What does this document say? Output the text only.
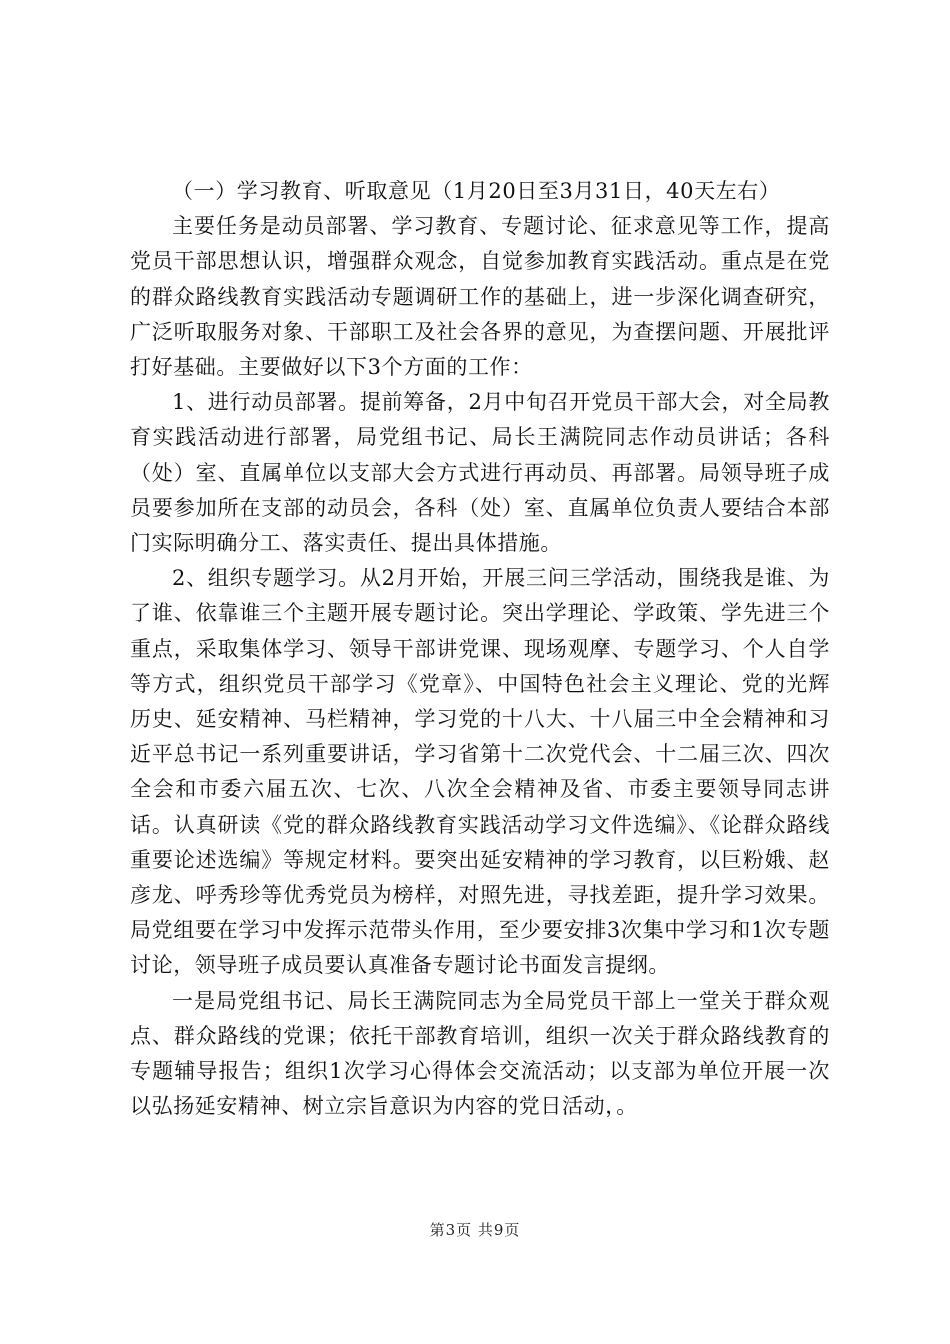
（一）学习教育、听取意见（1月20日至3月31日，40天左右）

主要任务是动员部署、学习教育、专题讨论、征求意见等工作，提高党员干部思想认识，增强群众观念，自觉参加教育实践活动。重点是在党的群众路线教育实践活动专题调研工作的基础上，进一步深化调查研究，广泛听取服务对象、干部职工及社会各界的意见，为查摆问题、开展批评打好基础。主要做好以下3个方面的工作：

1、进行动员部署。提前筹备，2月中旬召开党员干部大会，对全局教育实践活动进行部署，局党组书记、局长王满院同志作动员讲话；各科（处）室、直属单位以支部大会方式进行再动员、再部署。局领导班子成员要参加所在支部的动员会，各科（处）室、直属单位负责人要结合本部门实际明确分工、落实责任、提出具体措施。

2、组织专题学习。从2月开始，开展三问三学活动，围绕我是谁、为了谁、依靠谁三个主题开展专题讨论。突出学理论、学政策、学先进三个重点，采取集体学习、领导干部讲党课、现场观摩、专题学习、个人自学等方式，组织党员干部学习《党章》、中国特色社会主义理论、党的光辉历史、延安精神、马栏精神，学习党的十八大、十八届三中全会精神和习近平总书记一系列重要讲话，学习省第十二次党代会、十二届三次、四次全会和市委六届五次、七次、八次全会精神及省、市委主要领导同志讲话。认真研读《党的群众路线教育实践活动学习文件选编》、《论群众路线重要论述选编》等规定材料。要突出延安精神的学习教育，以巨粉娥、赵彦龙、呼秀珍等优秀党员为榜样，对照先进，寻找差距，提升学习效果。局党组要在学习中发挥示范带头作用，至少要安排3次集中学习和1次专题讨论，领导班子成员要认真准备专题讨论书面发言提纲。

一是局党组书记、局长王满院同志为全局党员干部上一堂关于群众观点、群众路线的党课；依托干部教育培训，组织一次关于群众路线教育的专题辅导报告；组织1次学习心得体会交流活动；以支部为单位开展一次以弘扬延安精神、树立宗旨意识为内容的党日活动，。

第3页 共9页
